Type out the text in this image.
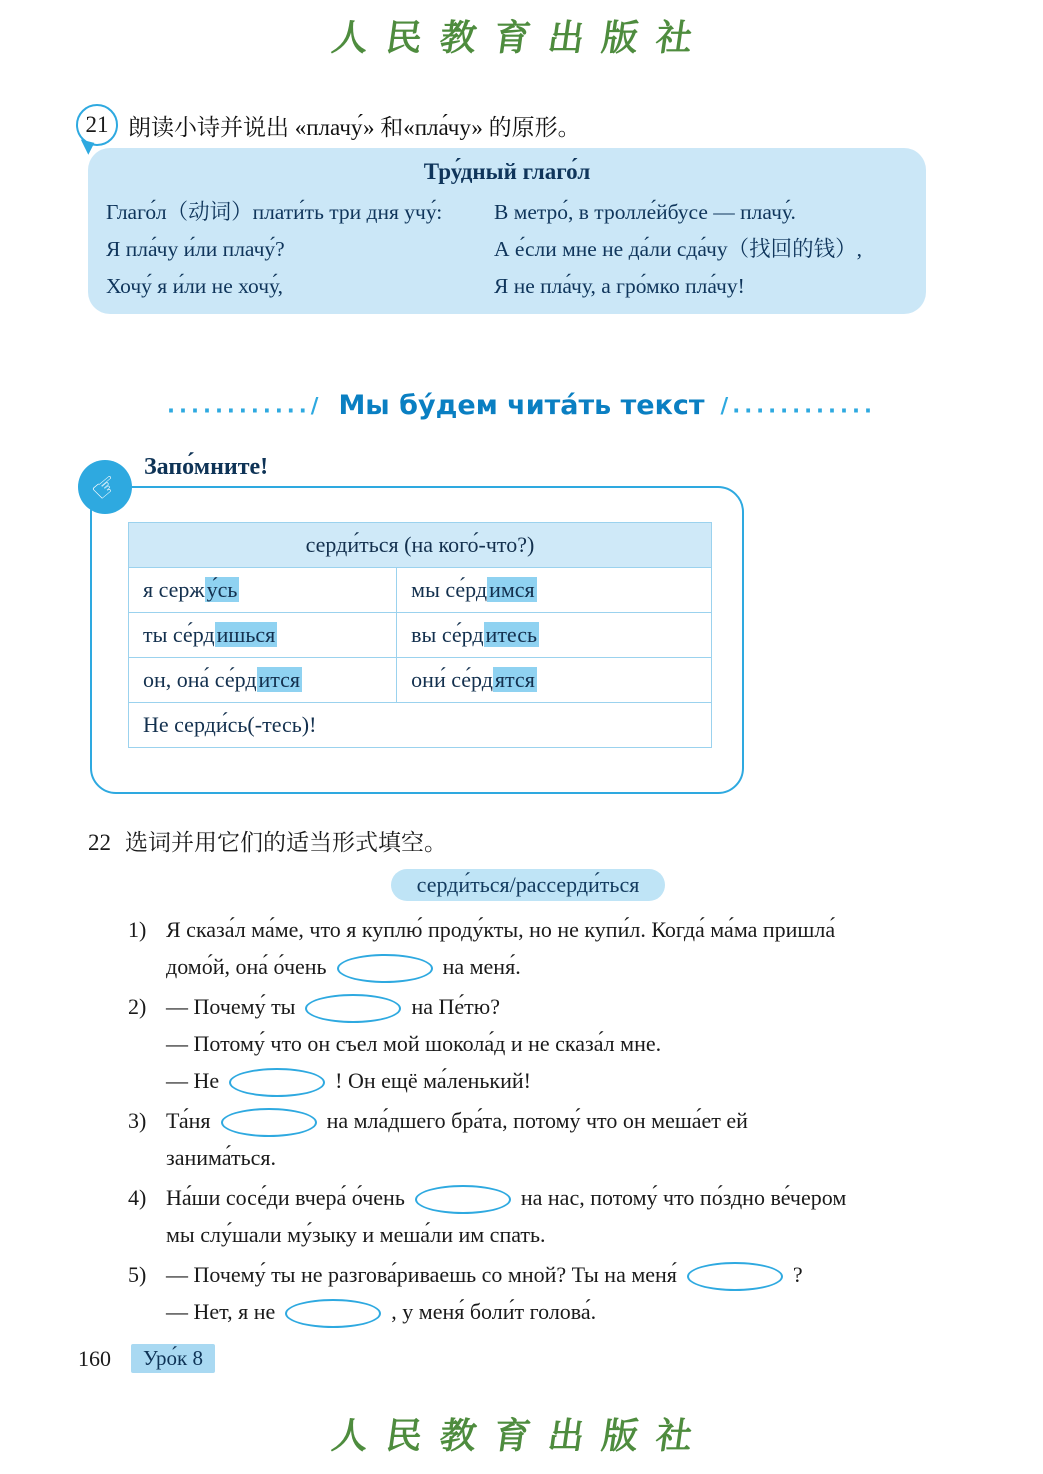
人民教育出版社
21 朗读小诗并说出 «плачу́» 和«пла́чу» 的原形。
Тру́дный глаго́л
Глаго́л（动词）плати́ть три дня учу́:
Я пла́чу и́ли плачу́?
Хочу́ я и́ли не хочу́,
В метро́, в тролле́йбусе — плачу́.
А е́сли мне не да́ли сда́чу（找回的钱）,
Я не пла́чу, а гро́мко пла́чу!
............/ Мы бу́дем чита́ть текст /............
☞ Запо́мните!
серди́ться (на кого́-что?)	
я сержу́сь	мы се́рдимся
ты се́рдишься	вы се́рдитесь
он, она́ се́рдится	они́ се́рдятся
Не серди́сь(-тесь)!	
22 选词并用它们的适当形式填空。
серди́ться/рассерди́ться
1) Я сказа́л ма́ме, что я куплю́ проду́кты, но не купи́л. Когда́ ма́ма пришла́
домо́й, она́ о́чень	на меня́.
2) — Почему́ ты	на Пе́тю?
— Потому́ что он съел мой шокола́д и не сказа́л мне.
— Не	! Он ещё ма́ленький!
3) Та́ня	на мла́дшего бра́та, потому́ что он меша́ет ей
занима́ться.
4) На́ши сосе́ди вчера́ о́чень	на нас, потому́ что по́здно ве́чером
мы слу́шали му́зыку и меша́ли им спать.
5) — Почему́ ты не разгова́риваешь со мной? Ты на меня́	?
— Нет, я не	, у меня́ боли́т голова́.
160	Уро́к 8
人民教育出版社
